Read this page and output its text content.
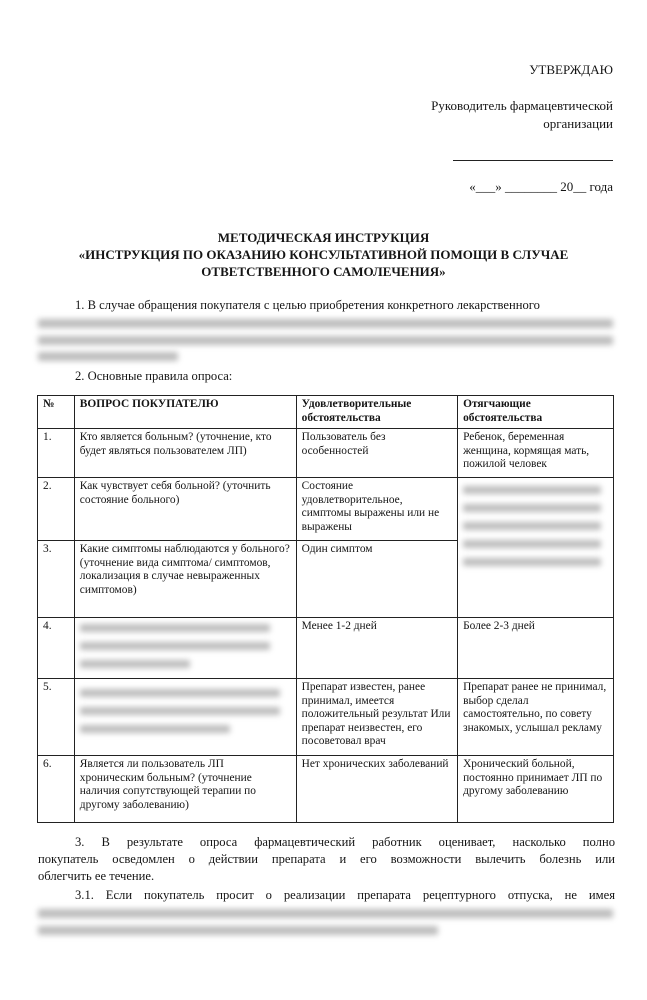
УТВЕРЖДАЮ
Руководитель фармацевтической
организации
«___» ________ 20__ года
МЕТОДИЧЕСКАЯ ИНСТРУКЦИЯ
«ИНСТРУКЦИЯ ПО ОКАЗАНИЮ КОНСУЛЬТАТИВНОЙ ПОМОЩИ В СЛУЧАЕ
ОТВЕТСТВЕННОГО САМОЛЕЧЕНИЯ»
1. В случае обращения покупателя с целью приобретения конкретного лекарственного
2. Основные правила опроса:
№	ВОПРОС ПОКУПАТЕЛЮ	Удовлетворительные обстоятельства	Отягчающие обстоятельства
1.	Кто является больным? (уточнение, кто будет являться пользователем ЛП)	Пользователь без особенностей	Ребенок, беременная женщина, кормящая мать, пожилой человек
2.	Как чувствует себя больной? (уточнить состояние больного)	Состояние удовлетворительное, симптомы выражены или не выражены	

3.	Какие симптомы наблюдаются у больного? (уточнение вида симптома/ симптомов, локализация в случае невыраженных симптомов)	Один симптом	
4.		Менее 1-2 дней	Более 2-3 дней
5.		Препарат известен, ранее принимал, имеется положительный результат Или препарат неизвестен, его посоветовал врач	Препарат ранее не принимал, выбор сделал самостоятельно, по совету знакомых, услышал рекламу
6.	Является ли пользователь ЛП хроническим больным? (уточнение наличия сопутствующей терапии по другому заболеванию)	Нет хронических заболеваний	Хронический больной, постоянно принимает ЛП по другому заболеванию
3. В результате опроса фармацевтический работник оценивает, насколько полно
покупатель осведомлен о действии препарата и его возможности вылечить болезнь или
облегчить ее течение.
3.1. Если покупатель просит о реализации препарата рецептурного отпуска, не имея
